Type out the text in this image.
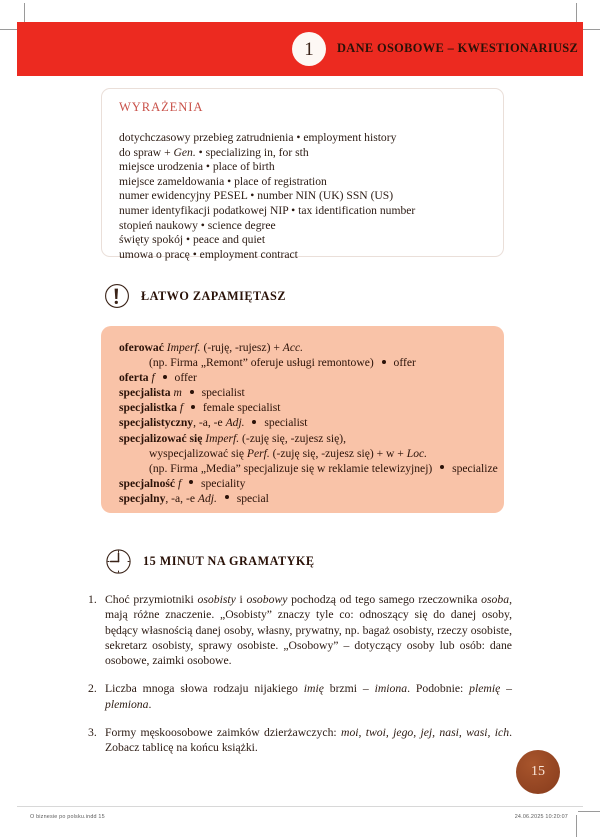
1 DANE OSOBOWE – KWESTIONARIUSZ
WYRAŻENIA
dotychczasowy przebieg zatrudnienia • employment history
do spraw + Gen. • specializing in, for sth
miejsce urodzenia • place of birth
miejsce zameldowania • place of registration
numer ewidencyjny PESEL • number NIN (UK) SSN (US)
numer identyfikacji podatkowej NIP • tax identification number
stopień naukowy • science degree
święty spokój • peace and quiet
umowa o pracę • employment contract
ŁATWO ZAPAMIĘTASZ
oferować Imperf. (-ruję, -rujesz) + Acc.
(np. Firma „Remont” oferuje usługi remontowe)  offer
oferta f  offer
specjalista m  specialist
specjalistka f  female specialist
specjalistyczny, -a, -e Adj.  specialist
specjalizować się Imperf. (-zuję się, -zujesz się),
wyspecjalizować się Perf. (-zuję się, -zujesz się) + w + Loc.
(np. Firma „Media” specjalizuje się w reklamie telewizyjnej)  specialize
specjalność f  speciality
specjalny, -a, -e Adj.  special
15 MINUT NA GRAMATYKĘ
1. Choć przymiotniki osobisty i osobowy pochodzą od tego samego rzeczownika osoba, mają różne znaczenie. „Osobisty” znaczy tyle co: odnoszący się do danej osoby, będący własnością danej osoby, własny, prywatny, np. bagaż osobisty, rzeczy osobiste, sekretarz osobisty, sprawy osobiste. „Osobowy” – dotyczący osoby lub osób: dane osobowe, zaimki osobowe.
2. Liczba mnoga słowa rodzaju nijakiego imię brzmi – imiona. Podobnie: plemię – plemiona.
3. Formy męskoosobowe zaimków dzierżawczych: moi, twoi, jego, jej, nasi, wasi, ich. Zobacz tablicę na końcu książki.
15
O biznesie po polsku.indd 15	24.06.2025 10:20:07
